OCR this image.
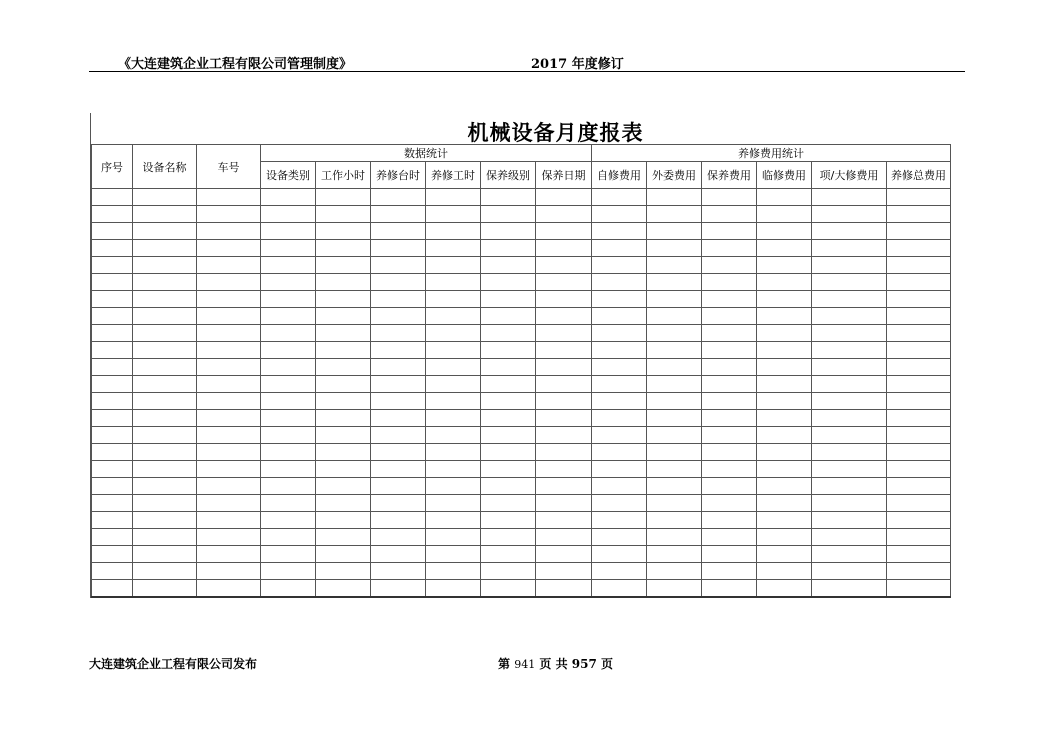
《大连建筑企业工程有限公司管理制度》	2017 年度修订
机械设备月度报表
序号	设备名称	车号	数据统计						养修费用统计					
			设备类别	工作小时	养修台时	养修工时	保养级别	保养日期	自修费用	外委费用	保养费用	临修费用	项/大修费用	养修总费用

大连建筑企业工程有限公司发布	第 941 页 共 957 页
